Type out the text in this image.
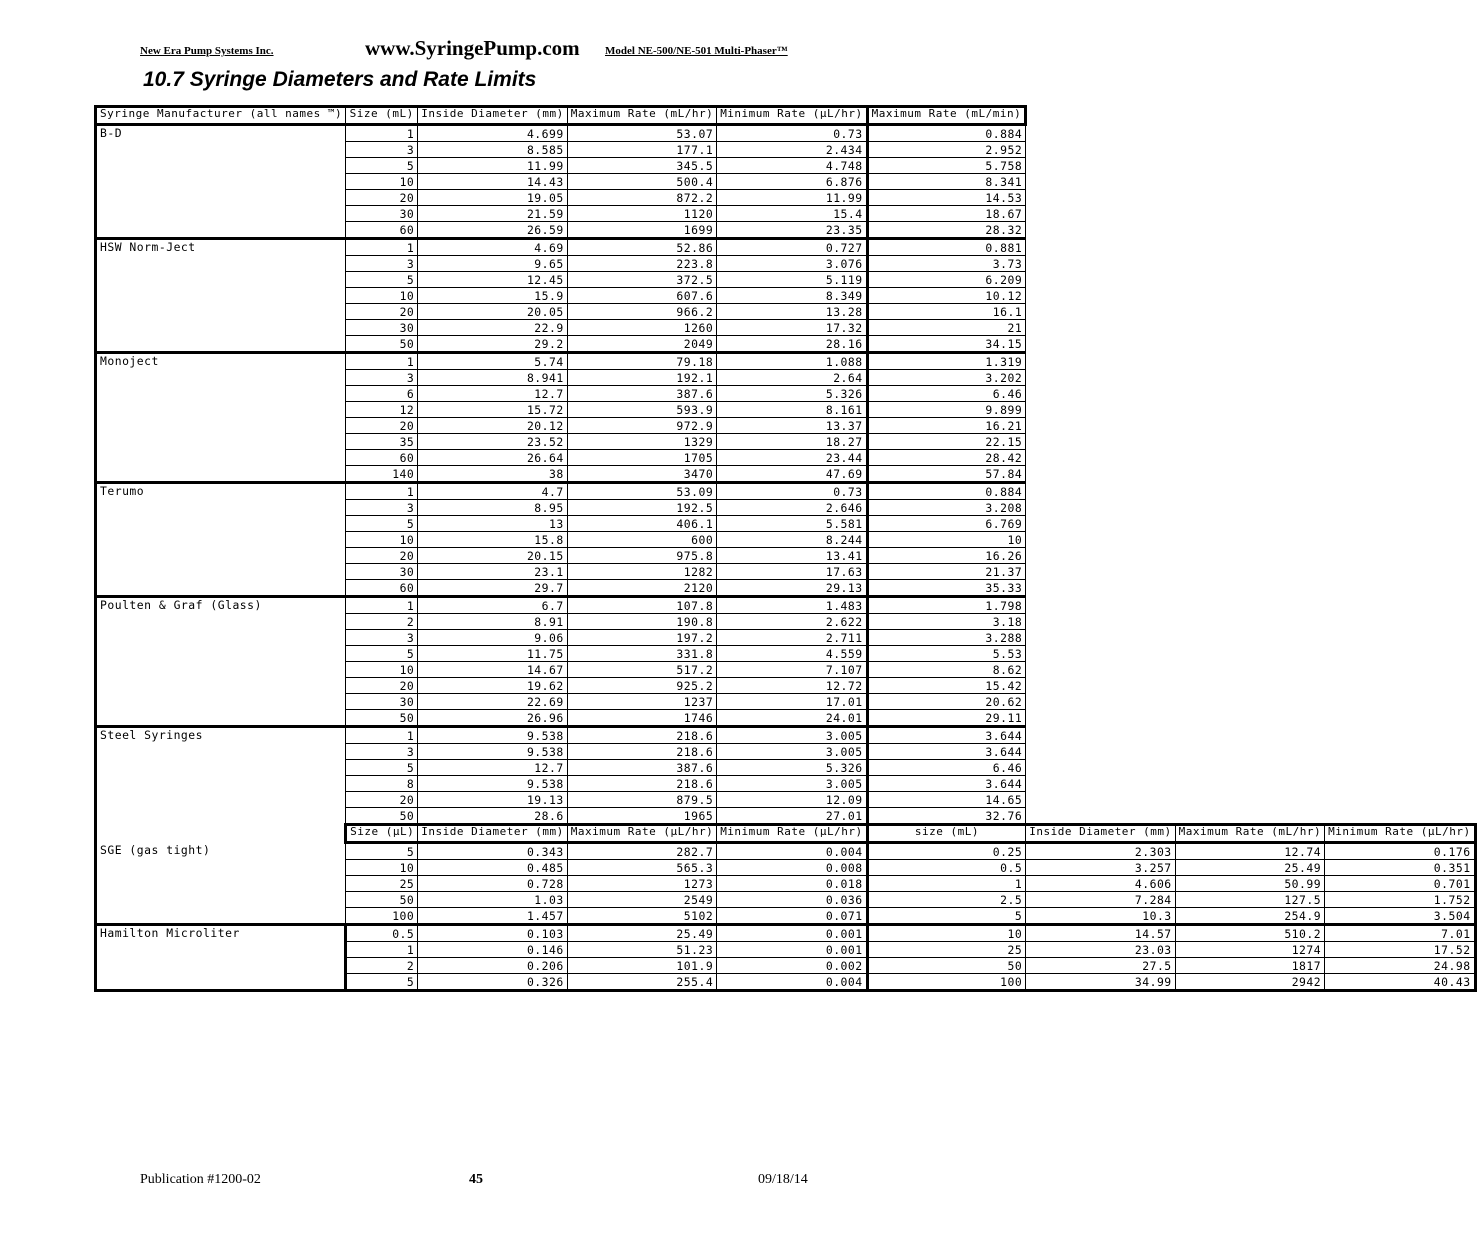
New Era Pump Systems Inc.	www.SyringePump.com Model NE-500/NE-501 Multi-Phaser™
10.7 Syringe Diameters and Rate Limits
Syringe Manufacturer (all names ™)	Size (mL)	Inside Diameter (mm)	Maximum Rate (mL/hr)	Minimum Rate (µL/hr)	Maximum Rate (mL/min)				
B-D	1	4.699	53.07	0.73	0.884				
	3	8.585	177.1	2.434	2.952				
	5	11.99	345.5	4.748	5.758				
	10	14.43	500.4	6.876	8.341				
	20	19.05	872.2	11.99	14.53				
	30	21.59	1120	15.4	18.67				
	60	26.59	1699	23.35	28.32				
HSW Norm-Ject	1	4.69	52.86	0.727	0.881				
	3	9.65	223.8	3.076	3.73				
	5	12.45	372.5	5.119	6.209				
	10	15.9	607.6	8.349	10.12				
	20	20.05	966.2	13.28	16.1				
	30	22.9	1260	17.32	21				
	50	29.2	2049	28.16	34.15				
Monoject	1	5.74	79.18	1.088	1.319				
	3	8.941	192.1	2.64	3.202				
	6	12.7	387.6	5.326	6.46				
	12	15.72	593.9	8.161	9.899				
	20	20.12	972.9	13.37	16.21				
	35	23.52	1329	18.27	22.15				
	60	26.64	1705	23.44	28.42				
	140	38	3470	47.69	57.84				
Terumo	1	4.7	53.09	0.73	0.884				
	3	8.95	192.5	2.646	3.208				
	5	13	406.1	5.581	6.769				
	10	15.8	600	8.244	10				
	20	20.15	975.8	13.41	16.26				
	30	23.1	1282	17.63	21.37				
	60	29.7	2120	29.13	35.33				
Poulten & Graf (Glass)	1	6.7	107.8	1.483	1.798				
	2	8.91	190.8	2.622	3.18				
	3	9.06	197.2	2.711	3.288				
	5	11.75	331.8	4.559	5.53				
	10	14.67	517.2	7.107	8.62				
	20	19.62	925.2	12.72	15.42				
	30	22.69	1237	17.01	20.62				
	50	26.96	1746	24.01	29.11				
Steel Syringes	1	9.538	218.6	3.005	3.644				
	3	9.538	218.6	3.005	3.644				
	5	12.7	387.6	5.326	6.46				
	8	9.538	218.6	3.005	3.644				
	20	19.13	879.5	12.09	14.65				
	50	28.6	1965	27.01	32.76				
	Size (µL)	Inside Diameter (mm)	Maximum Rate (µL/hr)	Minimum Rate (µL/hr)	size (mL)	Inside Diameter (mm)	Maximum Rate (mL/hr)	Minimum Rate (µL/hr)	
SGE (gas tight)	5	0.343	282.7	0.004	0.25	2.303	12.74	0.176	
	10	0.485	565.3	0.008	0.5	3.257	25.49	0.351	
	25	0.728	1273	0.018	1	4.606	50.99	0.701	
	50	1.03	2549	0.036	2.5	7.284	127.5	1.752	
	100	1.457	5102	0.071	5	10.3	254.9	3.504	
Hamilton Microliter	0.5	0.103	25.49	0.001	10	14.57	510.2	7.01	
	1	0.146	51.23	0.001	25	23.03	1274	17.52	
	2	0.206	101.9	0.002	50	27.5	1817	24.98	
	5	0.326	255.4	0.004	100	34.99	2942	40.43	
Publication #1200-02	45	09/18/14
